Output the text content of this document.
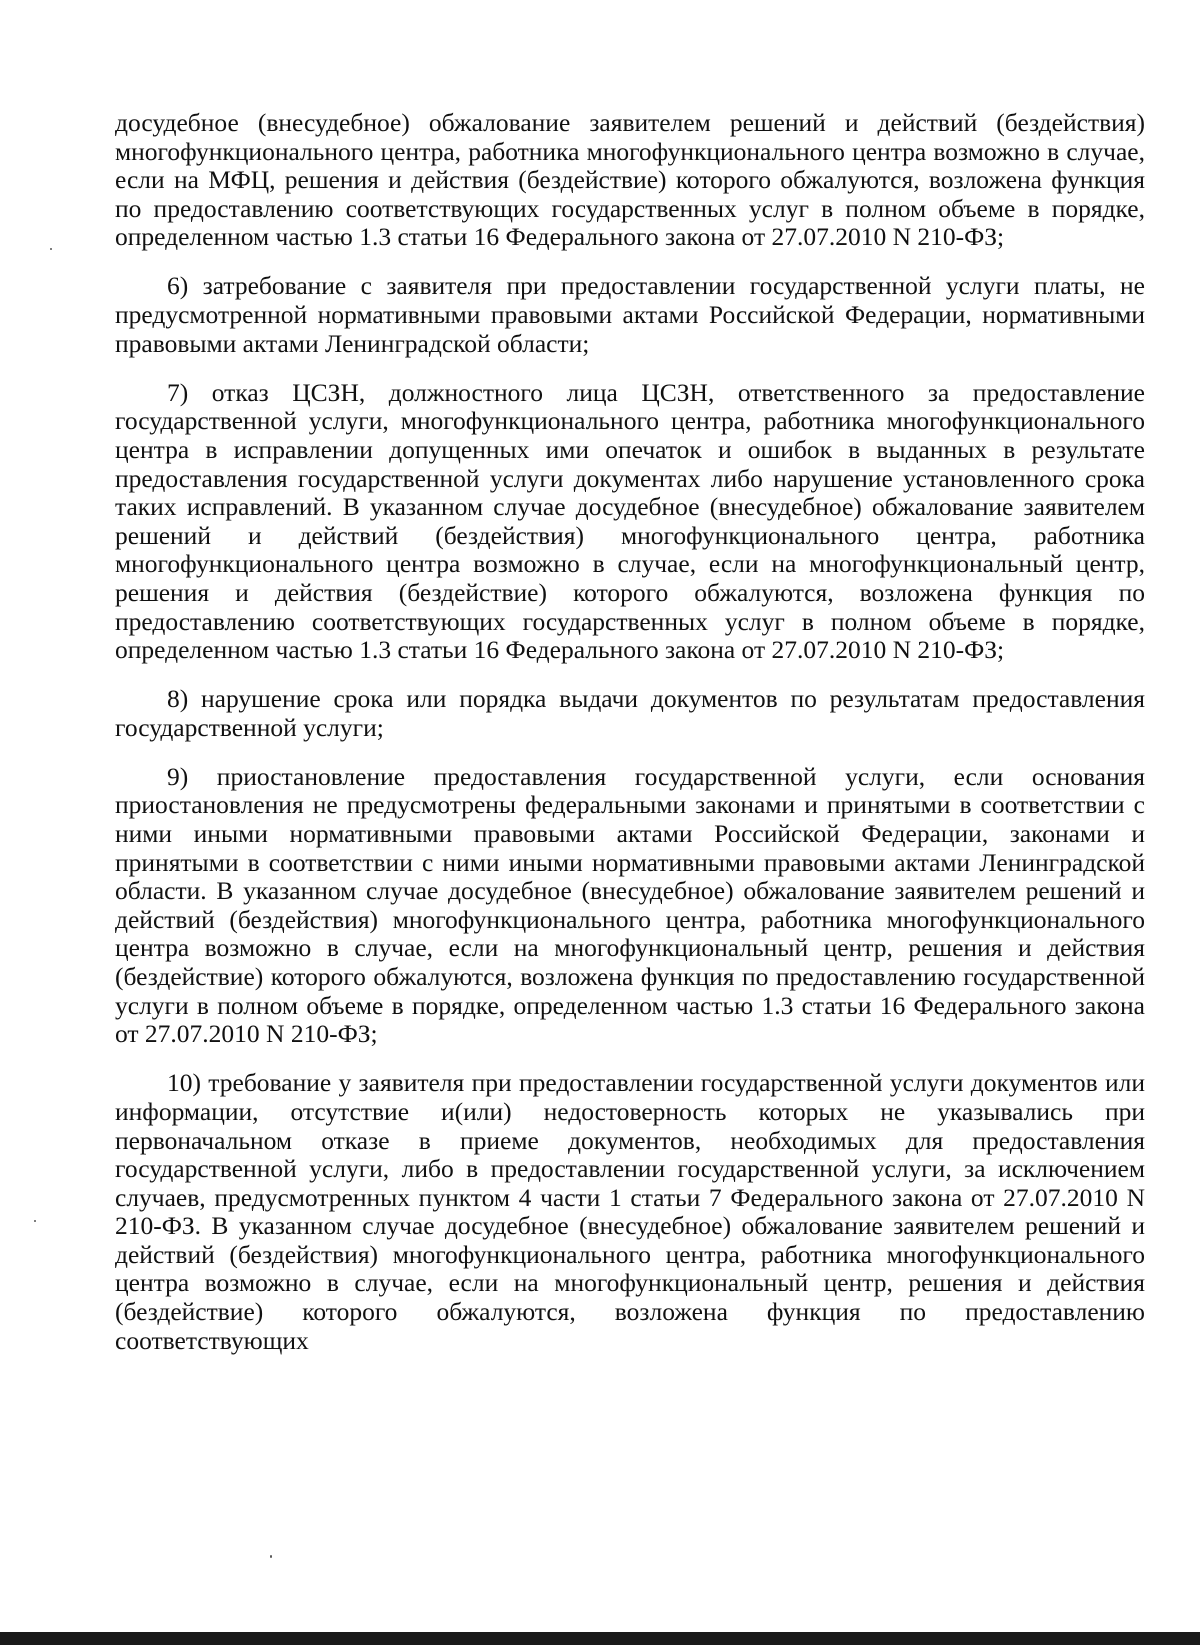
досудебное (внесудебное) обжалование заявителем решений и действий (бездействия) многофункционального центра, работника многофункционального центра возможно в случае, если на МФЦ, решения и действия (бездействие) которого обжалуются, возложена функция по предоставлению соответствующих государственных услуг в полном объеме в порядке, определенном частью 1.3 статьи 16 Федерального закона от 27.07.2010 N 210-ФЗ;

6) затребование с заявителя при предоставлении государственной услуги платы, не предусмотренной нормативными правовыми актами Российской Федерации, нормативными правовыми актами Ленинградской области;

7) отказ ЦСЗН, должностного лица ЦСЗН, ответственного за предоставление государственной услуги, многофункционального центра, работника многофункционального центра в исправлении допущенных ими опечаток и ошибок в выданных в результате предоставления государственной услуги документах либо нарушение установленного срока таких исправлений. В указанном случае досудебное (внесудебное) обжалование заявителем решений и действий (бездействия) многофункционального центра, работника многофункционального центра возможно в случае, если на многофункциональный центр, решения и действия (бездействие) которого обжалуются, возложена функция по предоставлению соответствующих государственных услуг в полном объеме в порядке, определенном частью 1.3 статьи 16 Федерального закона от 27.07.2010 N 210-ФЗ;

8) нарушение срока или порядка выдачи документов по результатам предоставления государственной услуги;

9) приостановление предоставления государственной услуги, если основания приостановления не предусмотрены федеральными законами и принятыми в соответствии с ними иными нормативными правовыми актами Российской Федерации, законами и принятыми в соответствии с ними иными нормативными правовыми актами Ленинградской области. В указанном случае досудебное (внесудебное) обжалование заявителем решений и действий (бездействия) многофункционального центра, работника многофункционального центра возможно в случае, если на многофункциональный центр, решения и действия (бездействие) которого обжалуются, возложена функция по предоставлению государственной услуги в полном объеме в порядке, определенном частью 1.3 статьи 16 Федерального закона от 27.07.2010 N 210-ФЗ;

10) требование у заявителя при предоставлении государственной услуги документов или информации, отсутствие и(или) недостоверность которых не указывались при первоначальном отказе в приеме документов, необходимых для предоставления государственной услуги, либо в предоставлении государственной услуги, за исключением случаев, предусмотренных пунктом 4 части 1 статьи 7 Федерального закона от 27.07.2010 N 210-ФЗ. В указанном случае досудебное (внесудебное) обжалование заявителем решений и действий (бездействия) многофункционального центра, работника многофункционального центра возможно в случае, если на многофункциональный центр, решения и действия (бездействие) которого обжалуются, возложена функция по предоставлению соответствующих
